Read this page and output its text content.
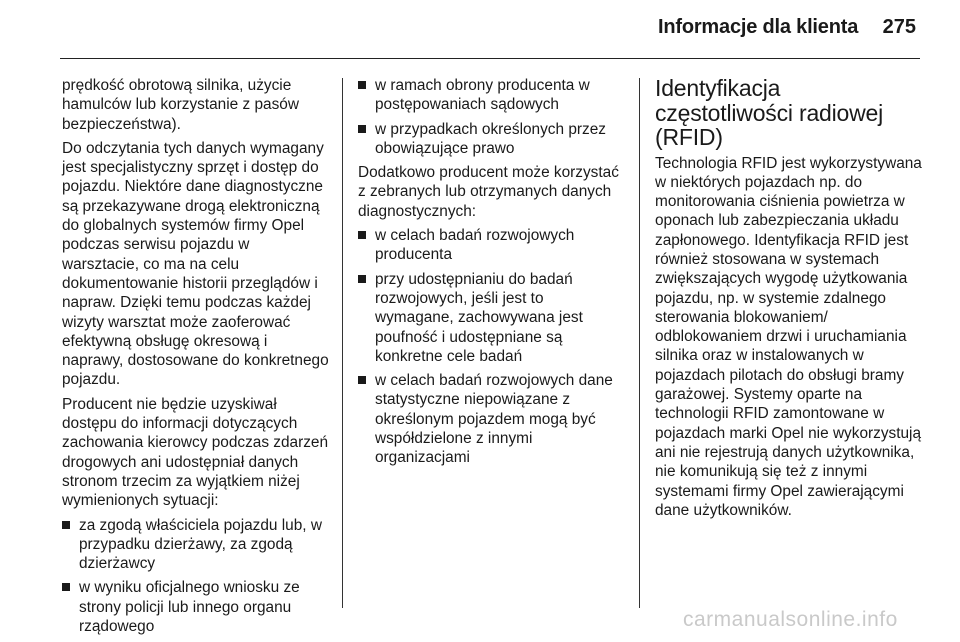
Informacje dla klienta 275

prędkość obrotową silnika, użycie hamulców lub korzystanie z pasów bezpieczeństwa).

Do odczytania tych danych wymagany jest specjalistyczny sprzęt i dostęp do pojazdu. Niektóre dane diagnostyczne są przekazywane drogą elektroniczną do globalnych systemów firmy Opel podczas serwisu pojazdu w warsztacie, co ma na celu dokumentowanie historii przeglądów i napraw. Dzięki temu podczas każdej wizyty warsztat może zaoferować efektywną obsługę okresową i naprawy, dostosowane do konkretnego pojazdu.

Producent nie będzie uzyskiwał dostępu do informacji dotyczących zachowania kierowcy podczas zdarzeń drogowych ani udostępniał danych stronom trzecim za wyjątkiem niżej wymienionych sytuacji:

za zgodą właściciela pojazdu lub, w przypadku dzierżawy, za zgodą dzierżawcy
w wyniku oficjalnego wniosku ze strony policji lub innego organu rządowego
w ramach obrony producenta w postępowaniach sądowych
w przypadkach określonych przez obowiązujące prawo

Dodatkowo producent może korzystać z zebranych lub otrzymanych danych diagnostycznych:

w celach badań rozwojowych producenta
przy udostępnianiu do badań rozwojowych, jeśli jest to wymagane, zachowywana jest poufność i udostępniane są konkretne cele badań
w celach badań rozwojowych dane statystyczne niepowiązane z określonym pojazdem mogą być współdzielone z innymi organizacjami
Identyfikacja częstotliwości radiowej (RFID)

Technologia RFID jest wykorzystywana w niektórych pojazdach np. do monitorowania ciśnienia powietrza w oponach lub zabezpieczania układu zapłonowego. Identyfikacja RFID jest również stosowana w systemach zwiększających wygodę użytkowania pojazdu, np. w systemie zdalnego sterowania blokowaniem/ odblokowaniem drzwi i uruchamiania silnika oraz w instalowanych w pojazdach pilotach do obsługi bramy garażowej. Systemy oparte na technologii RFID zamontowane w pojazdach marki Opel nie wykorzystują ani nie rejestrują danych użytkownika, nie komunikują się też z innymi systemami firmy Opel zawierającymi dane użytkowników.

carmanualsonline.info
